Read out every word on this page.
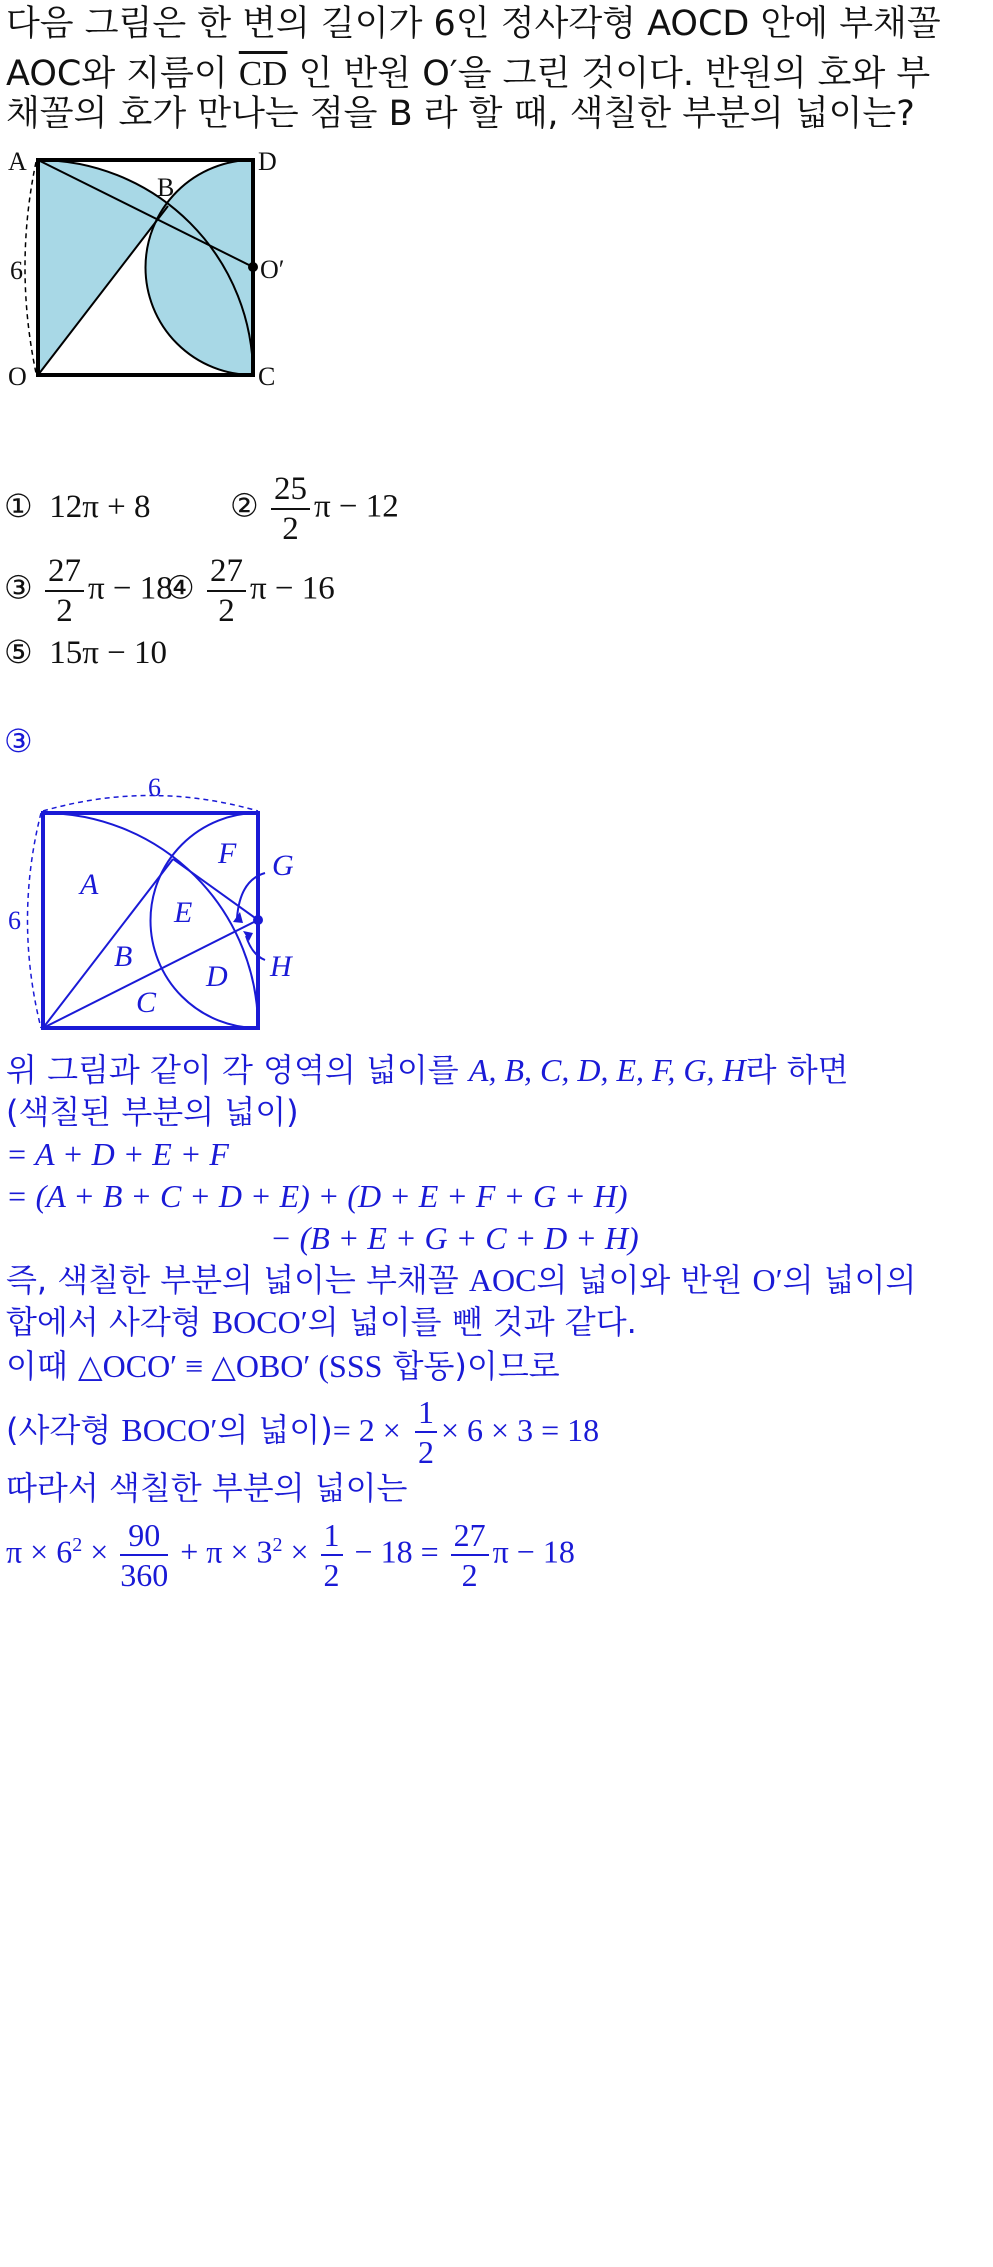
다음 그림은 한 변의 길이가 6인 정사각형 AOCD 안에 부채꼴
AOC와 지름이 $\overline{CD}$ 인 반원 O′을 그린 것이다. 반원의 호와 부
채꼴의 호가 만나는 점을 B 라 할 때, 색칠한 부분의 넓이는?
A	D
B
O′
6
O	C
① 12π + 8 ② $\frac{25}{2}$ π − 12
③ $\frac{27}{2}$ π − 18
④ $\frac{27}{2}$ π − 16
⑤ 15π − 10
③
6
6
A
B
C
D
E
F G
H
위 그림과 같이 각 영역의 넓이를 A, B, C, D, E, F, G, H라 하면
(색칠된 부분의 넓이)
= A + D + E + F
= (A + B + C + D + E) + (D + E + F + G + H)
− (B + E + G + C + D + H)
즉, 색칠한 부분의 넓이는 부채꼴 AOC의 넓이와 반원 O′의 넓이의
합에서 사각형 BOCO′의 넓이를 뺀 것과 같다.
이때 △OCO′ ≡ △OBO′ (SSS 합동)이므로
(사각형 BOCO′의 넓이)= $2 \times \frac{1}{2} \times 6 \times 3 = 18$
따라서 색칠한 부분의 넓이는
$\pi \times 6^2 \times \frac{90}{360} + \pi \times 3^2 \times \frac{1}{2} - 18 = \frac{27}{2}$ π − 18
